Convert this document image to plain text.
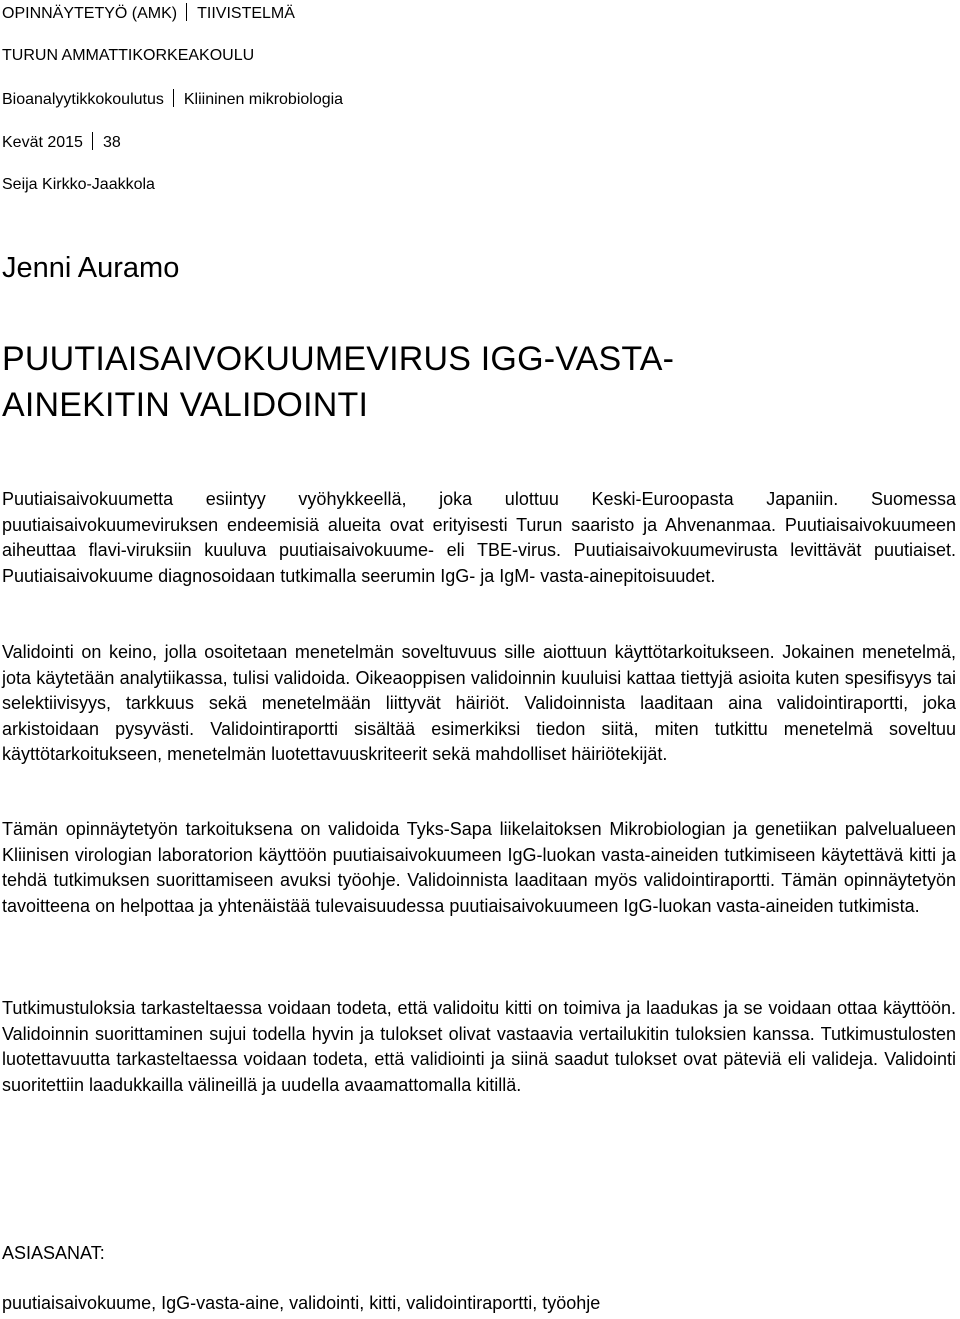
OPINNÄYTETYÖ (AMK) TIIVISTELMÄ
TURUN AMMATTIKORKEAKOULU
Bioanalyytikkokoulutus Kliininen mikrobiologia
Kevät 2015 38
Seija Kirkko-Jaakkola
Jenni Auramo
PUUTIAISAIVOKUUMEVIRUS IGG-VASTA-
AINEKITIN VALIDOINTI

Puutiaisaivokuumetta esiintyy vyöhykkeellä, joka ulottuu Keski-Euroopasta Japaniin. Suomessa puutiaisaivokuumeviruksen endeemisiä alueita ovat erityisesti Turun saaristo ja Ahvenanmaa. Puutiaisaivokuumeen aiheuttaa flavi-viruksiin kuuluva puutiaisaivokuume- eli TBE-virus. Puutiaisaivokuumevirusta levittävät puutiaiset. Puutiaisaivokuume diagnosoidaan tutkimalla seerumin IgG- ja IgM- vasta-ainepitoisuudet.

Validointi on keino, jolla osoitetaan menetelmän soveltuvuus sille aiottuun käyttötarkoitukseen. Jokainen menetelmä, jota käytetään analytiikassa, tulisi validoida. Oikeaoppisen validoinnin kuuluisi kattaa tiettyjä asioita kuten spesifisyys tai selektiivisyys, tarkkuus sekä menetelmään liittyvät häiriöt. Validoinnista laaditaan aina validointiraportti, joka arkistoidaan pysyvästi. Validointiraportti sisältää esimerkiksi tiedon siitä, miten tutkittu menetelmä soveltuu käyttötarkoitukseen, menetelmän luotettavuuskriteerit sekä mahdolliset häiriötekijät.

Tämän opinnäytetyön tarkoituksena on validoida Tyks-Sapa liikelaitoksen Mikrobiologian ja genetiikan palvelualueen Kliinisen virologian laboratorion käyttöön puutiaisaivokuumeen IgG-luokan vasta-aineiden tutkimiseen käytettävä kitti ja tehdä tutkimuksen suorittamiseen avuksi työohje. Validoinnista laaditaan myös validointiraportti. Tämän opinnäytetyön tavoitteena on helpottaa ja yhtenäistää tulevaisuudessa puutiaisaivokuumeen IgG-luokan vasta-aineiden tutkimista.

Tutkimustuloksia tarkasteltaessa voidaan todeta, että validoitu kitti on toimiva ja laadukas ja se voidaan ottaa käyttöön. Validoinnin suorittaminen sujui todella hyvin ja tulokset olivat vastaavia vertailukitin tuloksien kanssa. Tutkimustulosten luotettavuutta tarkasteltaessa voidaan todeta, että validiointi ja siinä saadut tulokset ovat päteviä eli valideja. Validointi suoritettiin laadukkailla välineillä ja uudella avaamattomalla kitillä.

ASIASANAT:
puutiaisaivokuume, IgG-vasta-aine, validointi, kitti, validointiraportti, työohje
